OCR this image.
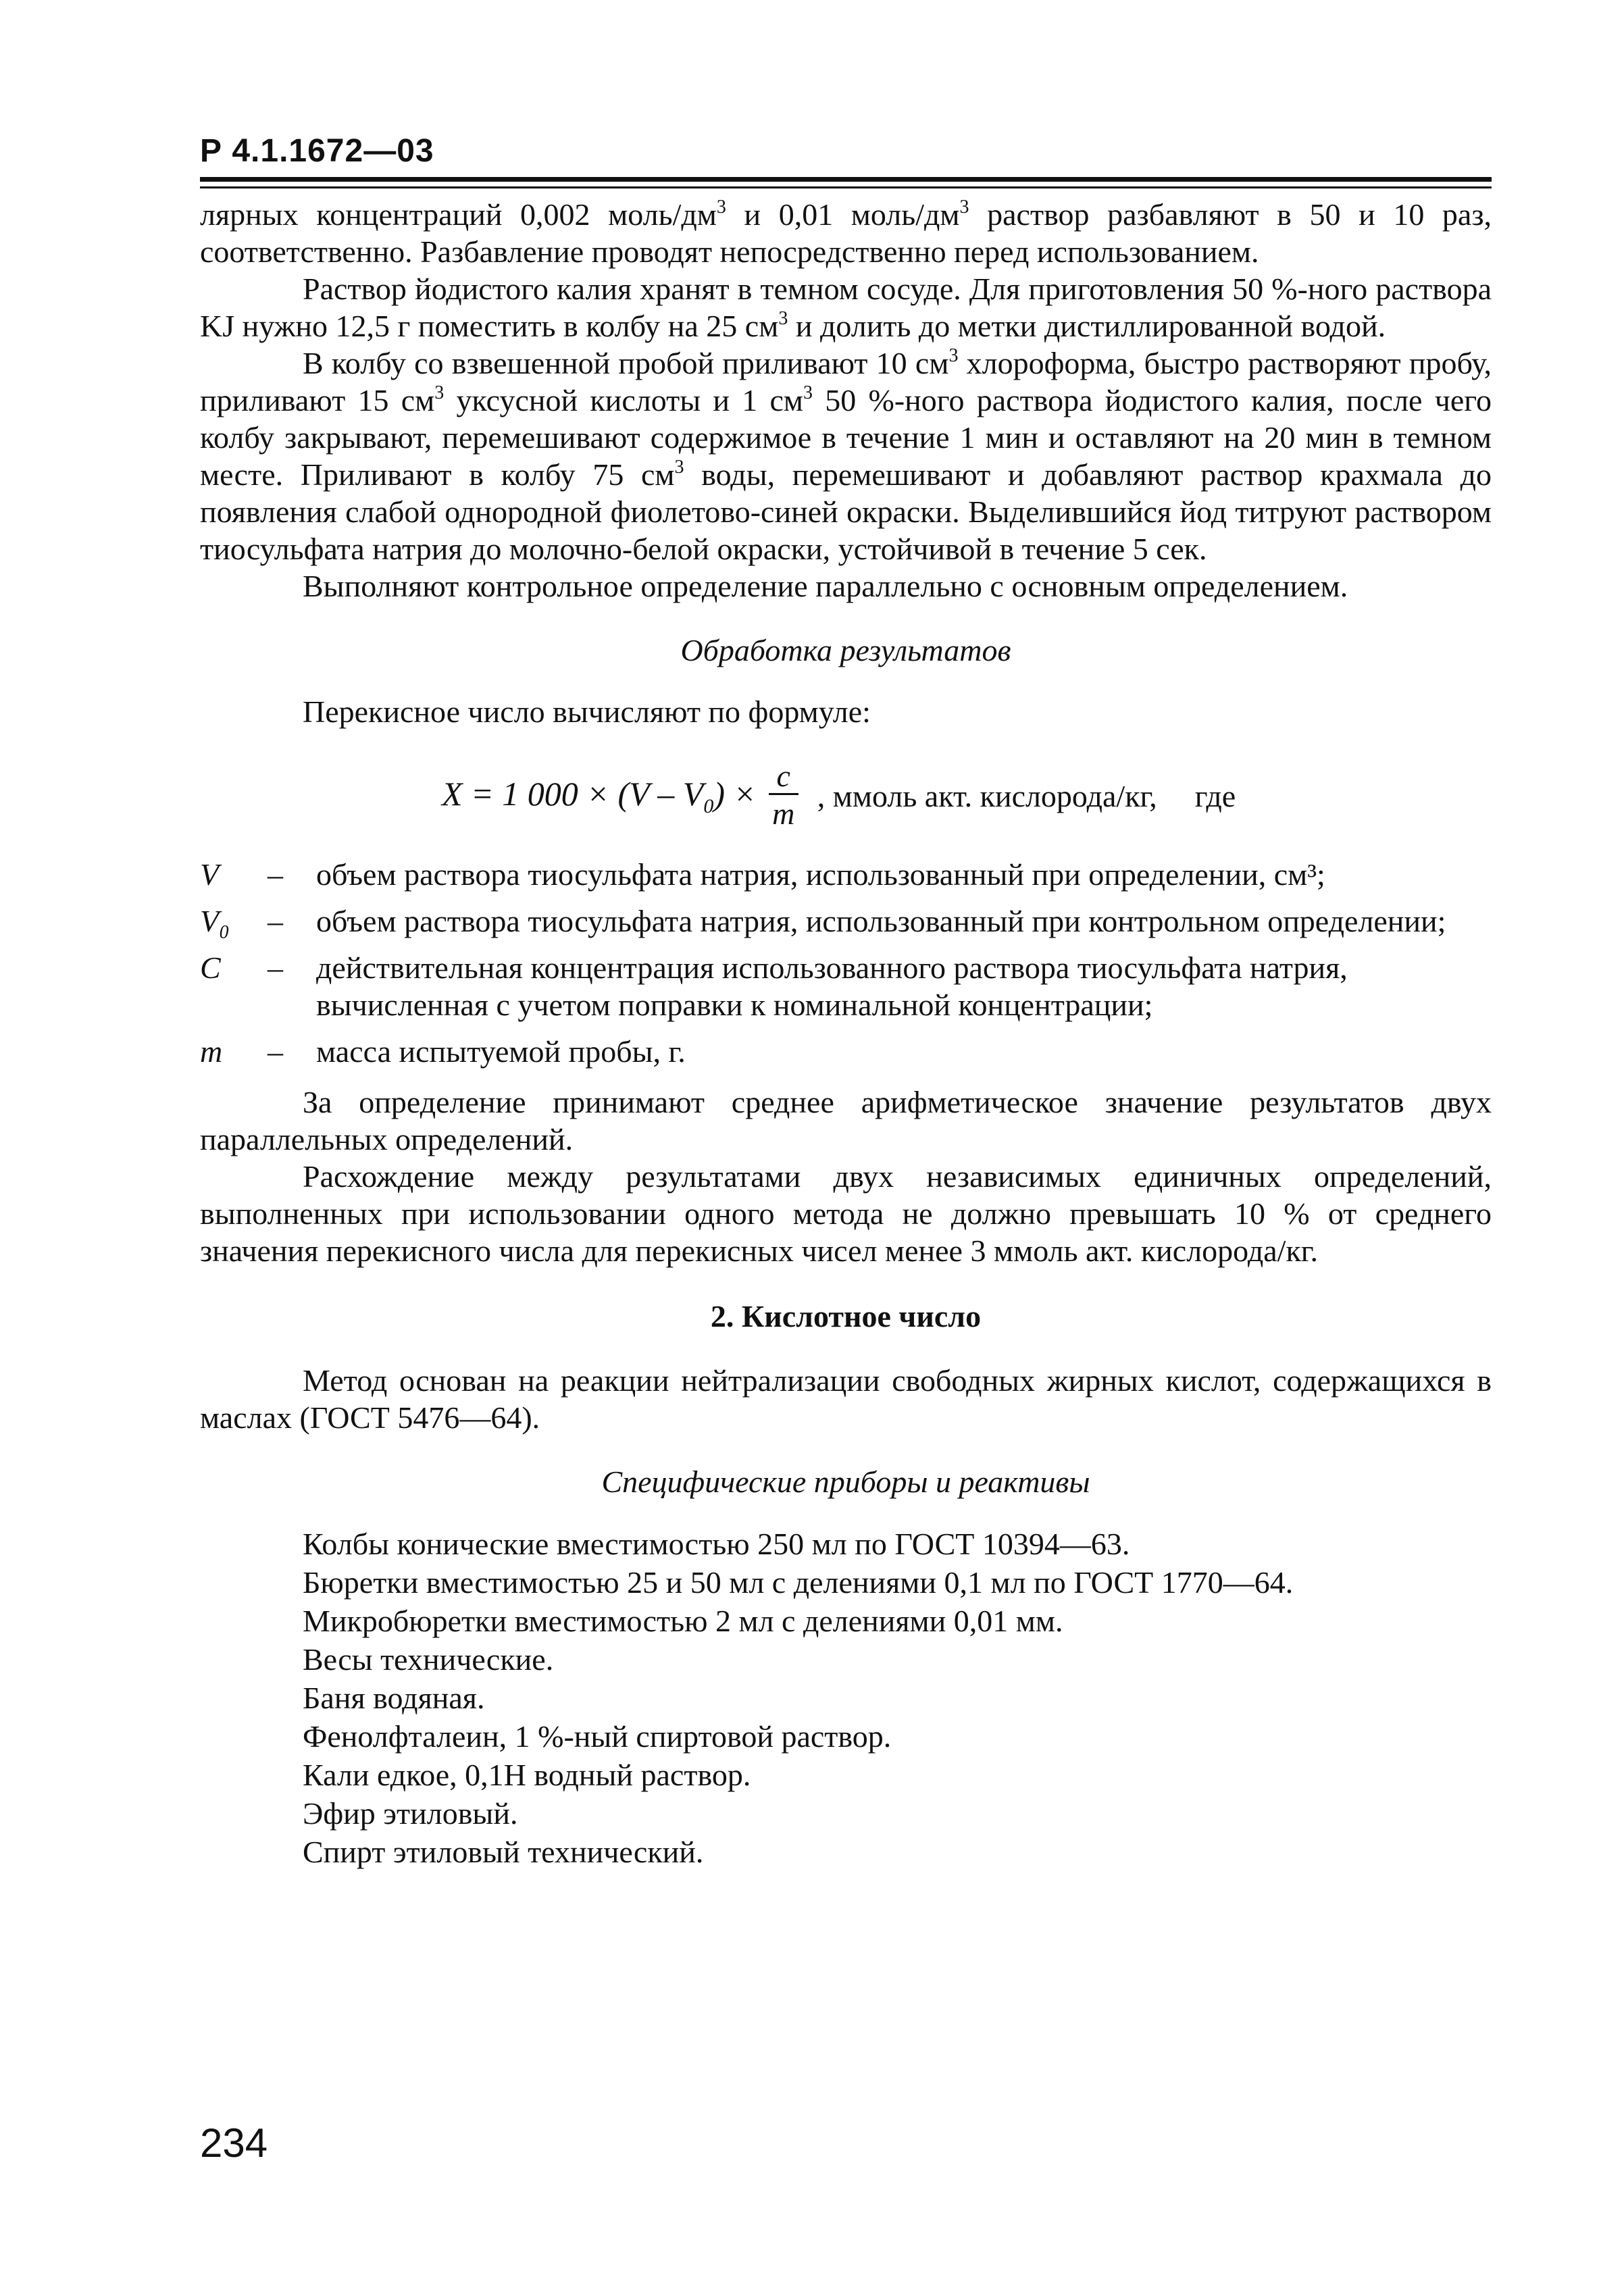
Р 4.1.1672—03

лярных концентраций 0,002 моль/$дм^3$ и 0,01 моль/$дм^3$ раствор разбавляют в 50 и 10 раз, соответственно. Разбавление проводят непосредственно перед использованием.

Раствор йодистого калия хранят в темном сосуде. Для приготовления 50 %-ного раствора KJ нужно 12,5 г поместить в колбу на 25 $см^3$ и долить до метки дистиллированной водой.

В колбу со взвешенной пробой приливают 10 $см^3$ хлороформа, быстро растворяют пробу, приливают 15 $см^3$ уксусной кислоты и 1 $см^3$ 50 %-ного раствора йодистого калия, после чего колбу закрывают, перемешивают содержимое в течение 1 мин и оставляют на 20 мин в темном месте. Приливают в колбу 75 $см^3$ воды, перемешивают и добавляют раствор крахмала до появления слабой однородной фиолетово-синей окраски. Выделившийся йод титруют раствором тиосульфата натрия до молочно-белой окраски, устойчивой в течение 5 сек.

Выполняют контрольное определение параллельно с основным определением.

Обработка результатов

Перекисное число вычисляют по формуле:

X = 1 $000 \times (V - V_0) \times \frac{c}{m}$ , ммоль акт. кислорода/кг, где
V	–	объем раствора тиосульфата натрия, использованный при определении, см³;
V₀	–	объем раствора тиосульфата натрия, использованный при контрольном определении;
C	–	действительная концентрация использованного раствора тиосульфата натрия, вычисленная с учетом поправки к номинальной концентрации;
m	–	масса испытуемой пробы, г.

За определение принимают среднее арифметическое значение результатов двух параллельных определений.

Расхождение между результатами двух независимых единичных определений, выполненных при использовании одного метода не должно превышать 10 % от среднего значения перекисного числа для перекисных чисел менее 3 ммоль акт. кислорода/кг.

2. Кислотное число

Метод основан на реакции нейтрализации свободных жирных кислот, содержащихся в маслах (ГОСТ 5476—64).

Специфические приборы и реактивы
Колбы конические вместимостью 250 мл по ГОСТ 10394—63.
Бюретки вместимостью 25 и 50 мл с делениями 0,1 мл по ГОСТ 1770—64.
Микробюретки вместимостью 2 мл с делениями 0,01 мм.
Весы технические.
Баня водяная.
Фенолфталеин, 1 %-ный спиртовой раствор.
Кали едкое, 0,1Н водный раствор.
Эфир этиловый.
Спирт этиловый технический.
234
